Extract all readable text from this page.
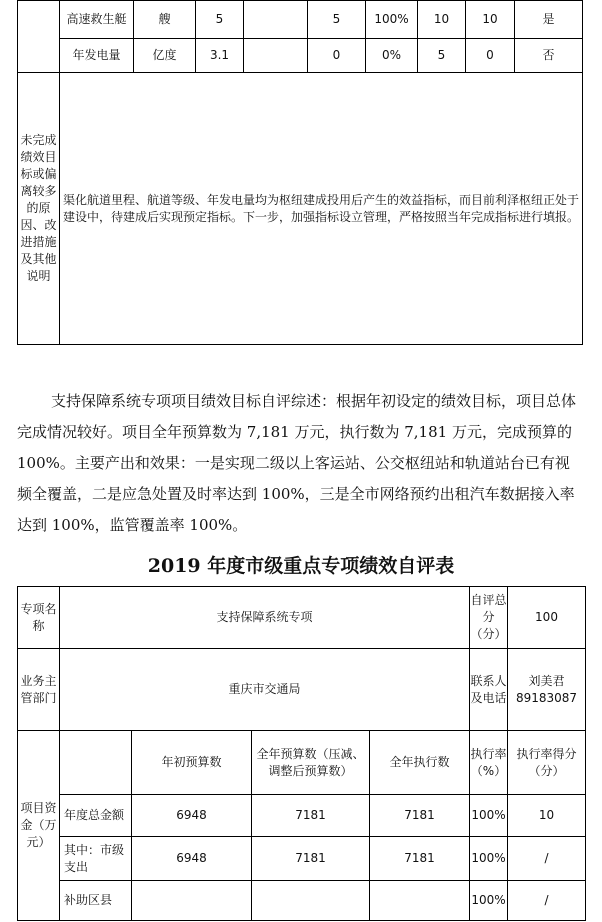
	高速救生艇	艘	5		5	100%	10	10	是
	年发电量	亿度	3.1		0	0%	5	0	否
未完成绩效目标或偏离较多的原因、改进措施及其他说明	渠化航道里程、航道等级、年发电量均为枢纽建成投用后产生的效益指标，而目前利泽枢纽正处于建设中，待建成后实现预定指标。下一步，加强指标设立管理，严格按照当年完成指标进行填报。								
支持保障系统专项项目绩效目标自评综述：根据年初设定的绩效目标，项目总体完成情况较好。项目全年预算数为 7,181 万元，执行数为 7,181 万元，完成预算的 100%。主要产出和效果：一是实现二级以上客运站、公交枢纽站和轨道站台已有视频全覆盖，二是应急处置及时率达到 100%，三是全市网络预约出租汽车数据接入率达到 100%，监管覆盖率 100%。
2019 年度市级重点专项绩效自评表
专项名称	支持保障系统专项				自评总分（分）	100
业务主管部门	重庆市交通局				联系人及电话	刘美君　89183087
项目资金（万元）		年初预算数	全年预算数（压减、调整后预算数）	全年执行数	执行率（%）	执行率得分（分）
	年度总金额	6948	7181	7181	100%	10
	其中：市级支出	6948	7181	7181	100%	/
	补助区县				100%	/
